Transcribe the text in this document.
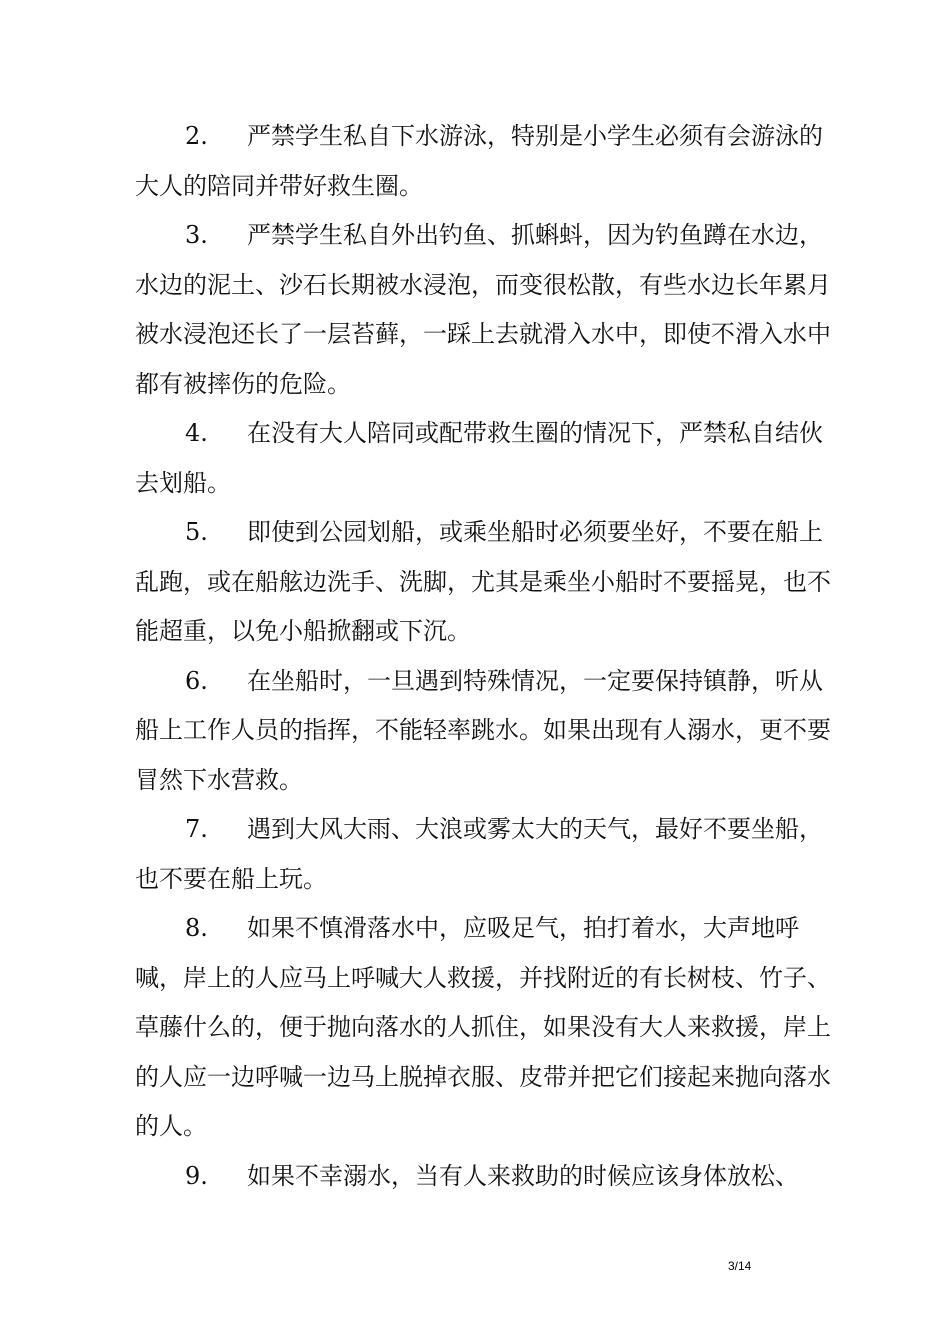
2. 严禁学生私自下水游泳，特别是小学生必须有会游泳的大人的陪同并带好救生圈。

3. 严禁学生私自外出钓鱼、抓蝌蚪，因为钓鱼蹲在水边，水边的泥土、沙石长期被水浸泡，而变很松散，有些水边长年累月被水浸泡还长了一层苔藓，一踩上去就滑入水中，即使不滑入水中都有被摔伤的危险。

4. 在没有大人陪同或配带救生圈的情况下，严禁私自结伙去划船。

5. 即使到公园划船，或乘坐船时必须要坐好，不要在船上乱跑，或在船舷边洗手、洗脚，尤其是乘坐小船时不要摇晃，也不能超重，以免小船掀翻或下沉。

6. 在坐船时，一旦遇到特殊情况，一定要保持镇静，听从船上工作人员的指挥，不能轻率跳水。如果出现有人溺水，更不要冒然下水营救。

7. 遇到大风大雨、大浪或雾太大的天气，最好不要坐船，也不要在船上玩。

8. 如果不慎滑落水中，应吸足气，拍打着水，大声地呼喊，岸上的人应马上呼喊大人救援，并找附近的有长树枝、竹子、草藤什么的，便于抛向落水的人抓住，如果没有大人来救援，岸上的人应一边呼喊一边马上脱掉衣服、皮带并把它们接起来抛向落水的人。

9. 如果不幸溺水，当有人来救助的时候应该身体放松、

3/14
